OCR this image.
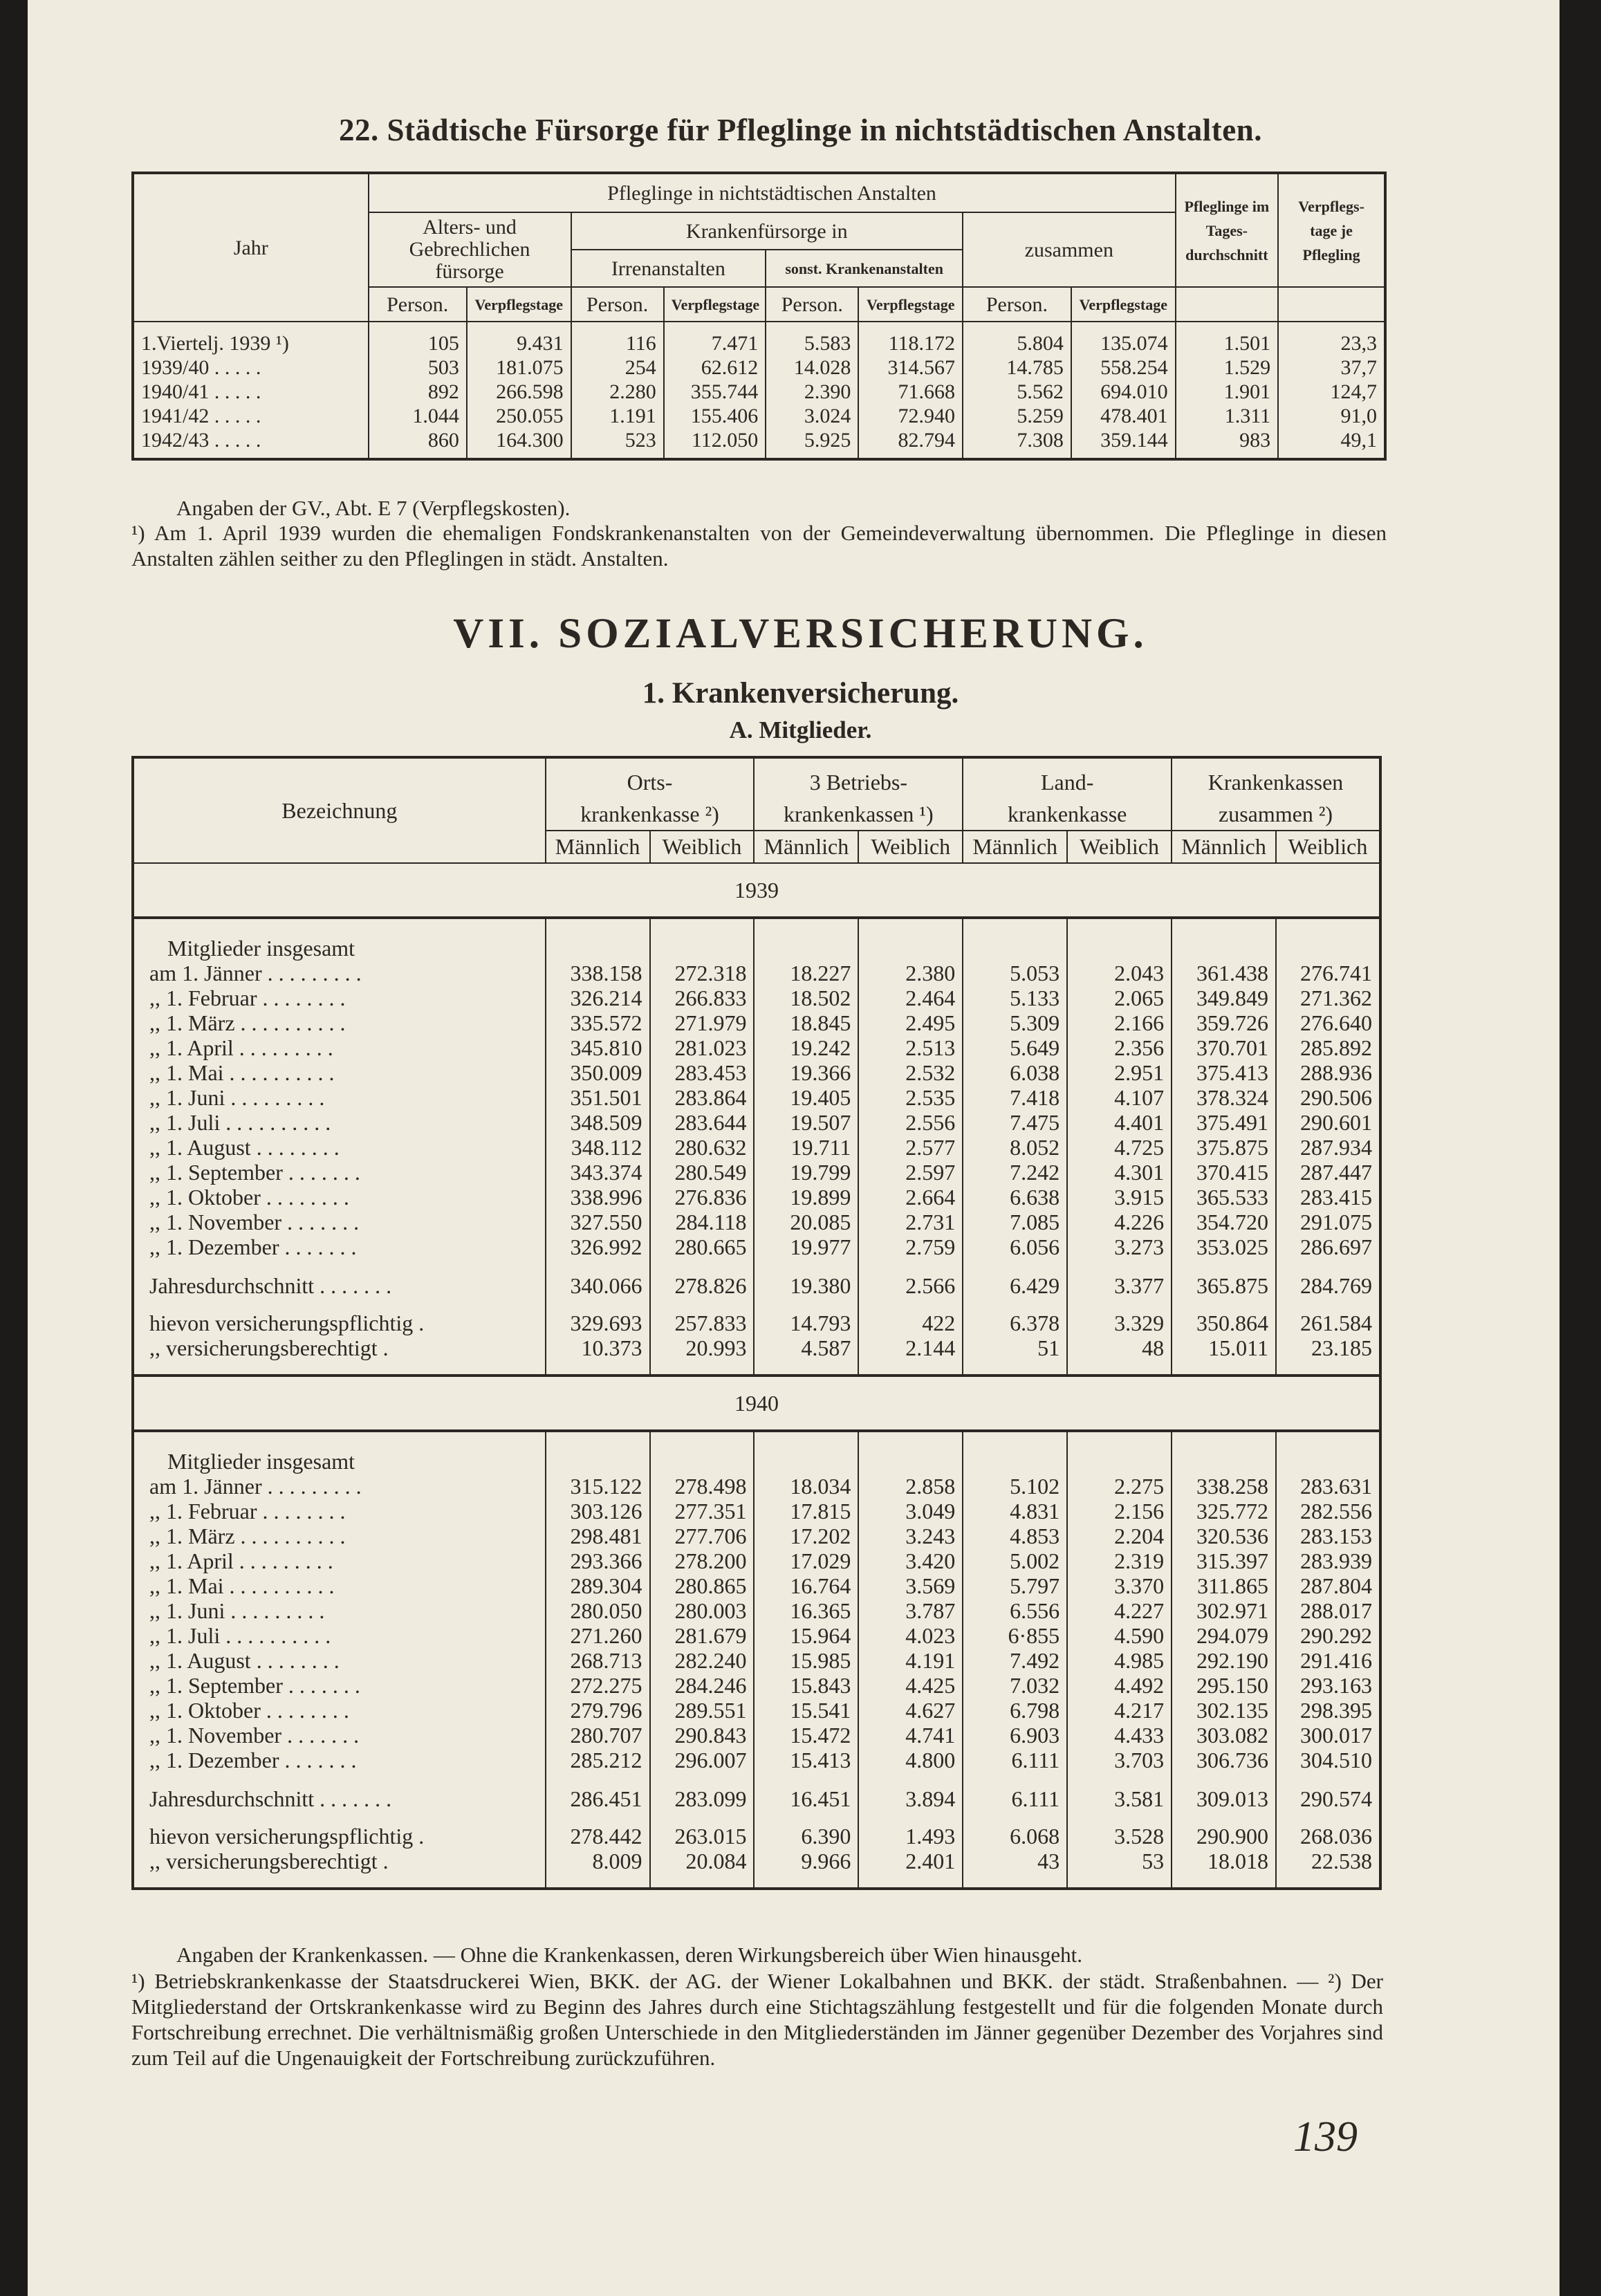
22. Städtische Fürsorge für Pfleglinge in nichtstädtischen Anstalten.
Jahr	Pfleglinge in nichtstädtischen Anstalten								Pfleglinge im Tages-durchschnitt	Verpflegs-tage je Pflegling
	Alters- und Gebrechlichen fürsorge		Krankenfürsorge in				zusammen			
			Irrenanstalten		sonst. Krankenanstalten					
	Person.	Verpflegstage	Person.	Verpflegstage	Person.	Verpflegstage	Person.	Verpflegstage		

1.Viertelj. 1939 ¹)	105	9.431	116	7.471	5.583	118.172	5.804	135.074	1.501	23,3
1939/40 . . . . .	503	181.075	254	62.612	14.028	314.567	14.785	558.254	1.529	37,7
1940/41 . . . . .	892	266.598	2.280	355.744	2.390	71.668	5.562	694.010	1.901	124,7
1941/42 . . . . .	1.044	250.055	1.191	155.406	3.024	72.940	5.259	478.401	1.311	91,0
1942/43 . . . . .	860	164.300	523	112.050	5.925	82.794	7.308	359.144	983	49,1

Angaben der GV., Abt. E 7 (Verpflegskosten).
¹) Am 1. April 1939 wurden die ehemaligen Fondskrankenanstalten von der Gemeindeverwaltung übernommen. Die Pfleglinge in diesen Anstalten zählen seither zu den Pfleglingen in städt. Anstalten.
VII. SOZIALVERSICHERUNG.
1. Krankenversicherung.
A. Mitglieder.
Bezeichnung	Orts-		3 Betriebs-		Land-		Krankenkassen	
	krankenkasse ²)		krankenkassen ¹)		krankenkasse		zusammen ²)	
	Männlich	Weiblich	Männlich	Weiblich	Männlich	Weiblich	Männlich	Weiblich
1939								

Mitglieder insgesamt								
am 1. Jänner . . . . . . . . .	338.158	272.318	18.227	2.380	5.053	2.043	361.438	276.741
,, 1. Februar . . . . . . . .	326.214	266.833	18.502	2.464	5.133	2.065	349.849	271.362
,, 1. März . . . . . . . . . .	335.572	271.979	18.845	2.495	5.309	2.166	359.726	276.640
,, 1. April . . . . . . . . .	345.810	281.023	19.242	2.513	5.649	2.356	370.701	285.892
,, 1. Mai . . . . . . . . . .	350.009	283.453	19.366	2.532	6.038	2.951	375.413	288.936
,, 1. Juni . . . . . . . . .	351.501	283.864	19.405	2.535	7.418	4.107	378.324	290.506
,, 1. Juli . . . . . . . . . .	348.509	283.644	19.507	2.556	7.475	4.401	375.491	290.601
,, 1. August . . . . . . . .	348.112	280.632	19.711	2.577	8.052	4.725	375.875	287.934
,, 1. September . . . . . . .	343.374	280.549	19.799	2.597	7.242	4.301	370.415	287.447
,, 1. Oktober . . . . . . . .	338.996	276.836	19.899	2.664	6.638	3.915	365.533	283.415
,, 1. November . . . . . . .	327.550	284.118	20.085	2.731	7.085	4.226	354.720	291.075
,, 1. Dezember . . . . . . .	326.992	280.665	19.977	2.759	6.056	3.273	353.025	286.697

Jahresdurchschnitt . . . . . . .	340.066	278.826	19.380	2.566	6.429	3.377	365.875	284.769

hievon versicherungspflichtig .	329.693	257.833	14.793	422	6.378	3.329	350.864	261.584
,, versicherungsberechtigt .	10.373	20.993	4.587	2.144	51	48	15.011	23.185

1940								

Mitglieder insgesamt								
am 1. Jänner . . . . . . . . .	315.122	278.498	18.034	2.858	5.102	2.275	338.258	283.631
,, 1. Februar . . . . . . . .	303.126	277.351	17.815	3.049	4.831	2.156	325.772	282.556
,, 1. März . . . . . . . . . .	298.481	277.706	17.202	3.243	4.853	2.204	320.536	283.153
,, 1. April . . . . . . . . .	293.366	278.200	17.029	3.420	5.002	2.319	315.397	283.939
,, 1. Mai . . . . . . . . . .	289.304	280.865	16.764	3.569	5.797	3.370	311.865	287.804
,, 1. Juni . . . . . . . . .	280.050	280.003	16.365	3.787	6.556	4.227	302.971	288.017
,, 1. Juli . . . . . . . . . .	271.260	281.679	15.964	4.023	6·855	4.590	294.079	290.292
,, 1. August . . . . . . . .	268.713	282.240	15.985	4.191	7.492	4.985	292.190	291.416
,, 1. September . . . . . . .	272.275	284.246	15.843	4.425	7.032	4.492	295.150	293.163
,, 1. Oktober . . . . . . . .	279.796	289.551	15.541	4.627	6.798	4.217	302.135	298.395
,, 1. November . . . . . . .	280.707	290.843	15.472	4.741	6.903	4.433	303.082	300.017
,, 1. Dezember . . . . . . .	285.212	296.007	15.413	4.800	6.111	3.703	306.736	304.510

Jahresdurchschnitt . . . . . . .	286.451	283.099	16.451	3.894	6.111	3.581	309.013	290.574

hievon versicherungspflichtig .	278.442	263.015	6.390	1.493	6.068	3.528	290.900	268.036
,, versicherungsberechtigt .	8.009	20.084	9.966	2.401	43	53	18.018	22.538

Angaben der Krankenkassen. — Ohne die Krankenkassen, deren Wirkungsbereich über Wien hinausgeht.
¹) Betriebskrankenkasse der Staatsdruckerei Wien, BKK. der AG. der Wiener Lokalbahnen und BKK. der städt. Straßenbahnen. — ²) Der Mitgliederstand der Ortskrankenkasse wird zu Beginn des Jahres durch eine Stichtagszählung festgestellt und für die folgenden Monate durch Fortschreibung errechnet. Die verhältnismäßig großen Unterschiede in den Mitgliederständen im Jänner gegenüber Dezember des Vorjahres sind zum Teil auf die Ungenauigkeit der Fortschreibung zurückzuführen.
139
